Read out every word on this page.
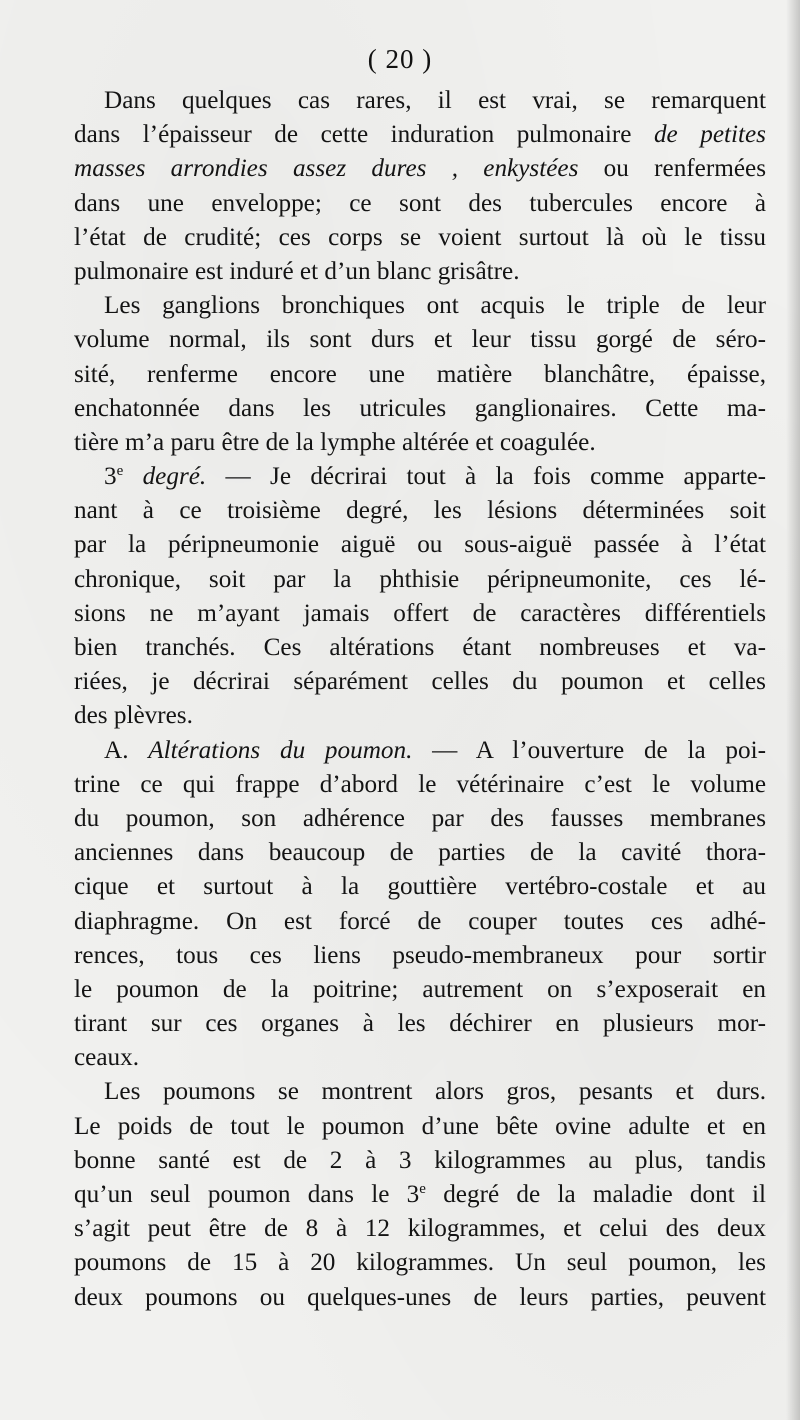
( 20 )
Dans quelques cas rares, il est vrai, se remarquent
dans l’épaisseur de cette induration pulmonaire de petites
masses arrondies assez dures , enkystées ou renfermées
dans une enveloppe; ce sont des tubercules encore à
l’état de crudité; ces corps se voient surtout là où le tissu
pulmonaire est induré et d’un blanc grisâtre.
Les ganglions bronchiques ont acquis le triple de leur
volume normal, ils sont durs et leur tissu gorgé de séro-
sité, renferme encore une matière blanchâtre, épaisse,
enchatonnée dans les utricules ganglionaires. Cette ma-
tière m’a paru être de la lymphe altérée et coagulée.
3e degré. — Je décrirai tout à la fois comme apparte-
nant à ce troisième degré, les lésions déterminées soit
par la péripneumonie aiguë ou sous-aiguë passée à l’état
chronique, soit par la phthisie péripneumonite, ces lé-
sions ne m’ayant jamais offert de caractères différentiels
bien tranchés. Ces altérations étant nombreuses et va-
riées, je décrirai séparément celles du poumon et celles
des plèvres.
A. Altérations du poumon. — A l’ouverture de la poi-
trine ce qui frappe d’abord le vétérinaire c’est le volume
du poumon, son adhérence par des fausses membranes
anciennes dans beaucoup de parties de la cavité thora-
cique et surtout à la gouttière vertébro-costale et au
diaphragme. On est forcé de couper toutes ces adhé-
rences, tous ces liens pseudo-membraneux pour sortir
le poumon de la poitrine; autrement on s’exposerait en
tirant sur ces organes à les déchirer en plusieurs mor-
ceaux.
Les poumons se montrent alors gros, pesants et durs.
Le poids de tout le poumon d’une bête ovine adulte et en
bonne santé est de 2 à 3 kilogrammes au plus, tandis
qu’un seul poumon dans le 3e degré de la maladie dont il
s’agit peut être de 8 à 12 kilogrammes, et celui des deux
poumons de 15 à 20 kilogrammes. Un seul poumon, les
deux poumons ou quelques-unes de leurs parties, peuvent
